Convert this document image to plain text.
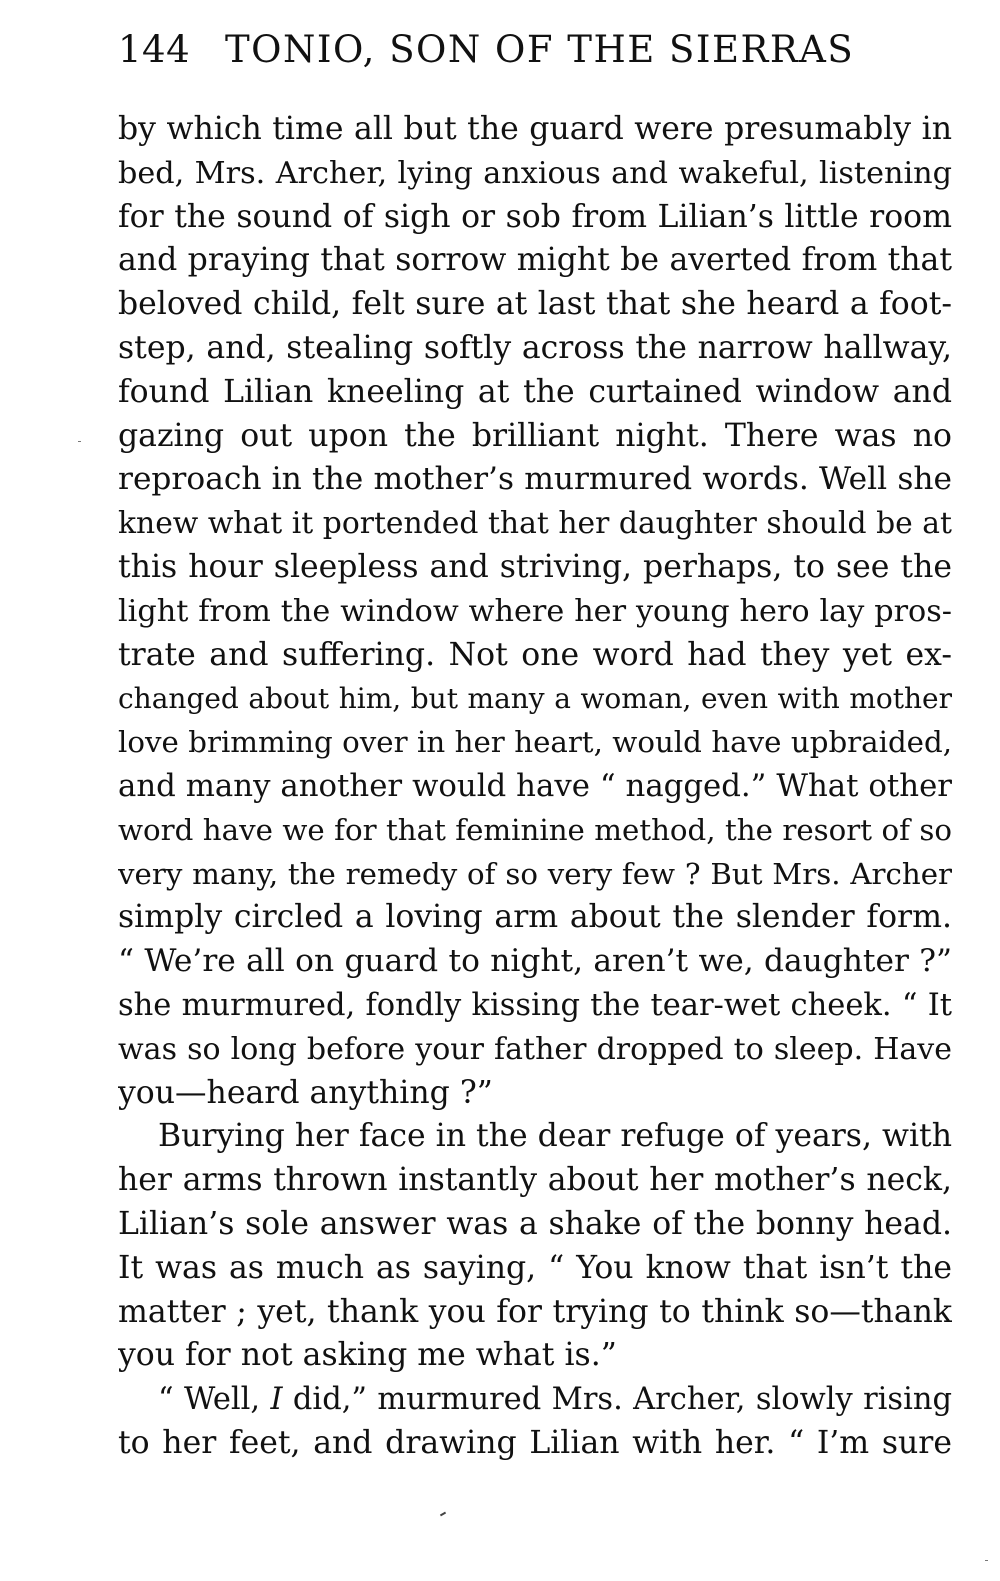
144 TONIO, SON OF THE SIERRAS
by which time all but the guard were presumably in
bed, Mrs. Archer, lying anxious and wakeful, listening
for the sound of sigh or sob from Lilian’s little room
and praying that sorrow might be averted from that
beloved child, felt sure at last that she heard a foot-
step, and, stealing softly across the narrow hallway,
found Lilian kneeling at the curtained window and
gazing out upon the brilliant night. There was no
reproach in the mother’s murmured words. Well she
knew what it portended that her daughter should be at
this hour sleepless and striving, perhaps, to see the
light from the window where her young hero lay pros-
trate and suffering. Not one word had they yet ex-
changed about him, but many a woman, even with mother
love brimming over in her heart, would have upbraided,
and many another would have “ nagged.” What other
word have we for that feminine method, the resort of so
very many, the remedy of so very few ? But Mrs. Archer
simply circled a loving arm about the slender form.
“ We’re all on guard to night, aren’t we, daughter ?”
she murmured, fondly kissing the tear-wet cheek. “ It
was so long before your father dropped to sleep. Have
you—heard anything ?”
Burying her face in the dear refuge of years, with
her arms thrown instantly about her mother’s neck,
Lilian’s sole answer was a shake of the bonny head.
It was as much as saying, “ You know that isn’t the
matter ; yet, thank you for trying to think so—thank
you for not asking me what is.”
“ Well, I did,” murmured Mrs. Archer, slowly rising
to her feet, and drawing Lilian with her. “ I’m sure
